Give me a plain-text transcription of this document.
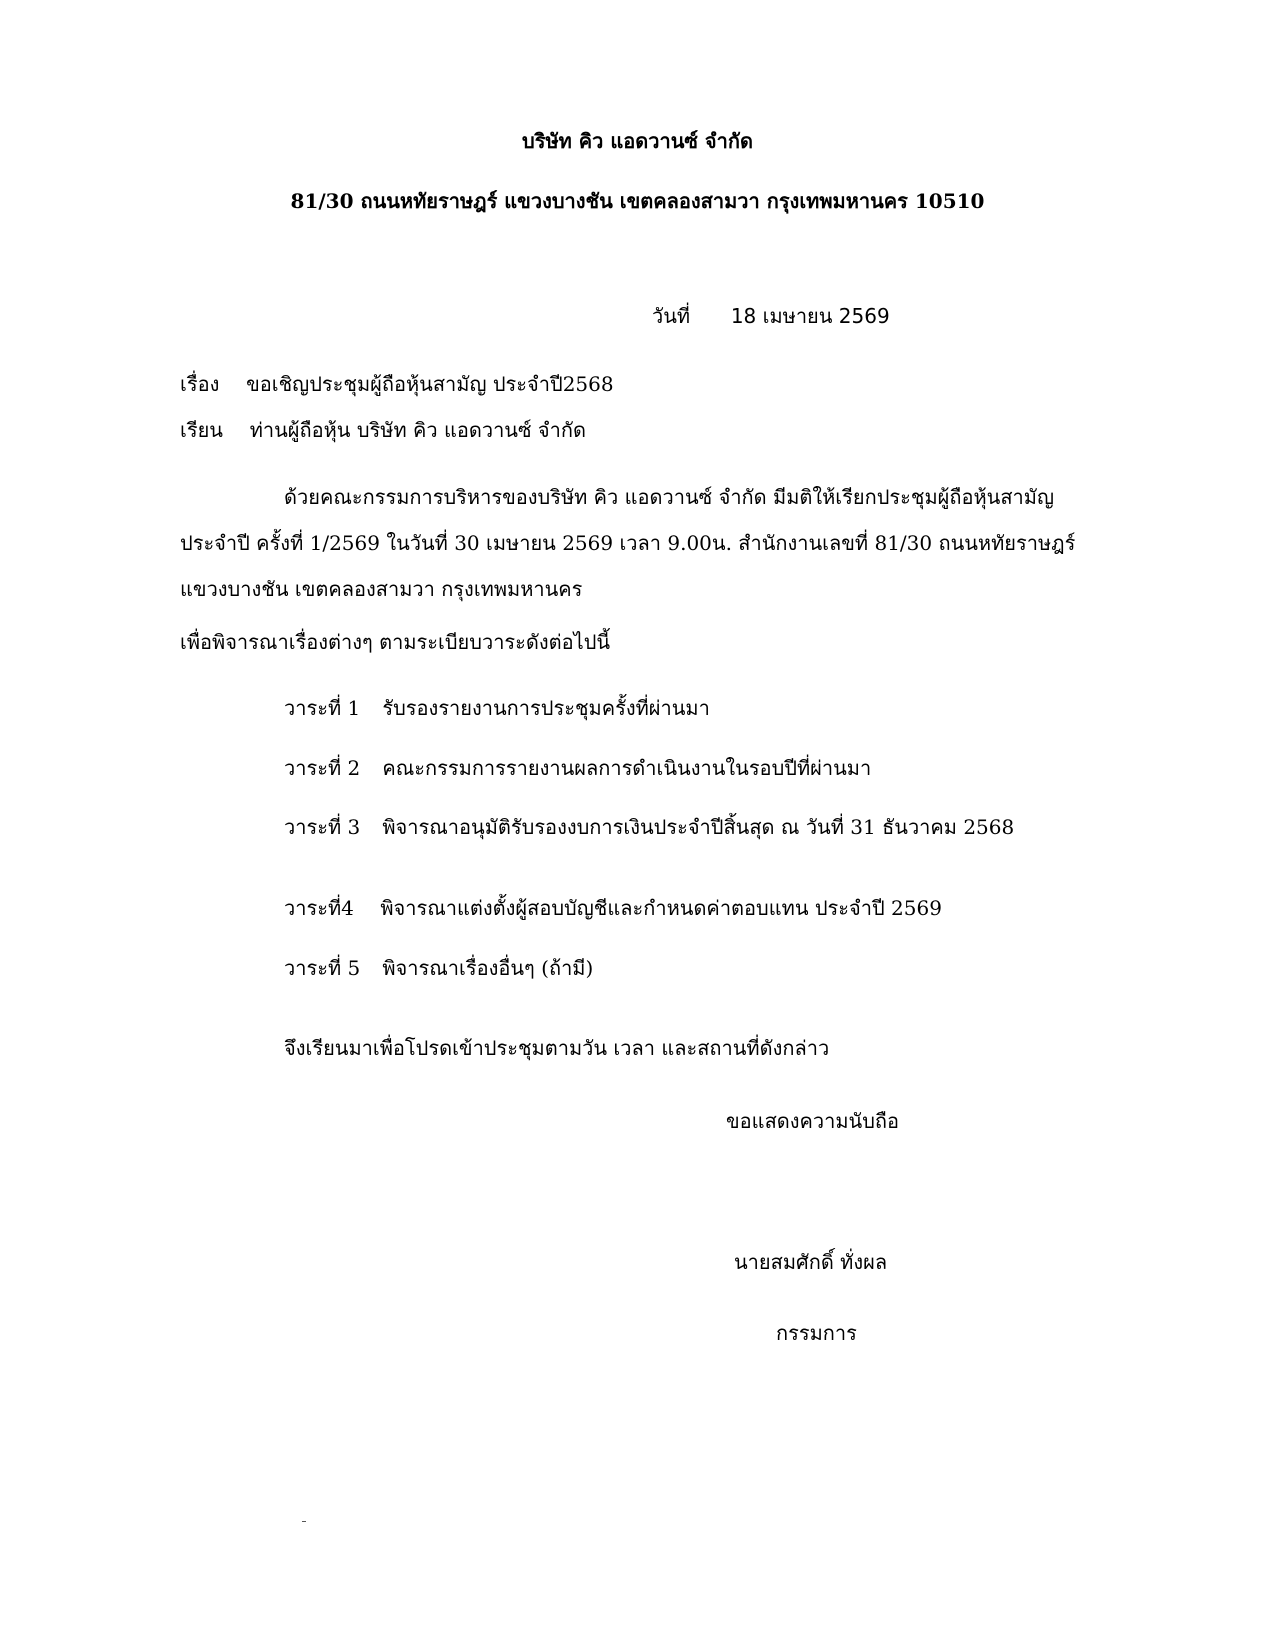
บริษัท คิว แอดวานซ์ จำกัด
81/30 ถนนหทัยราษฎร์ แขวงบางชัน เขตคลองสามวา กรุงเทพมหานคร 10510
วันที่ 18 เมษายน 2569
เรื่อง ขอเชิญประชุมผู้ถือหุ้นสามัญ ประจำปี2568
เรียน ท่านผู้ถือหุ้น บริษัท คิว แอดวานซ์ จำกัด
ด้วยคณะกรรมการบริหารของบริษัท คิว แอดวานซ์ จำกัด มีมติให้เรียกประชุมผู้ถือหุ้นสามัญ
ประจำปี ครั้งที่ 1/2569 ในวันที่ 30 เมษายน 2569 เวลา 9.00น. สำนักงานเลขที่ 81/30 ถนนหทัยราษฎร์
แขวงบางชัน เขตคลองสามวา กรุงเทพมหานคร
เพื่อพิจารณาเรื่องต่างๆ ตามระเบียบวาระดังต่อไปนี้
วาระที่ 1 รับรองรายงานการประชุมครั้งที่ผ่านมา
วาระที่ 2 คณะกรรมการรายงานผลการดำเนินงานในรอบปีที่ผ่านมา
วาระที่ 3 พิจารณาอนุมัติรับรองงบการเงินประจำปีสิ้นสุด ณ วันที่ 31 ธันวาคม 2568
วาระที่4 พิจารณาแต่งตั้งผู้สอบบัญชีและกำหนดค่าตอบแทน ประจำปี 2569
วาระที่ 5 พิจารณาเรื่องอื่นๆ (ถ้ามี)
จึงเรียนมาเพื่อโปรดเข้าประชุมตามวัน เวลา และสถานที่ดังกล่าว
ขอแสดงความนับถือ
นายสมศักดิ์ ทั่งผล
กรรมการ
